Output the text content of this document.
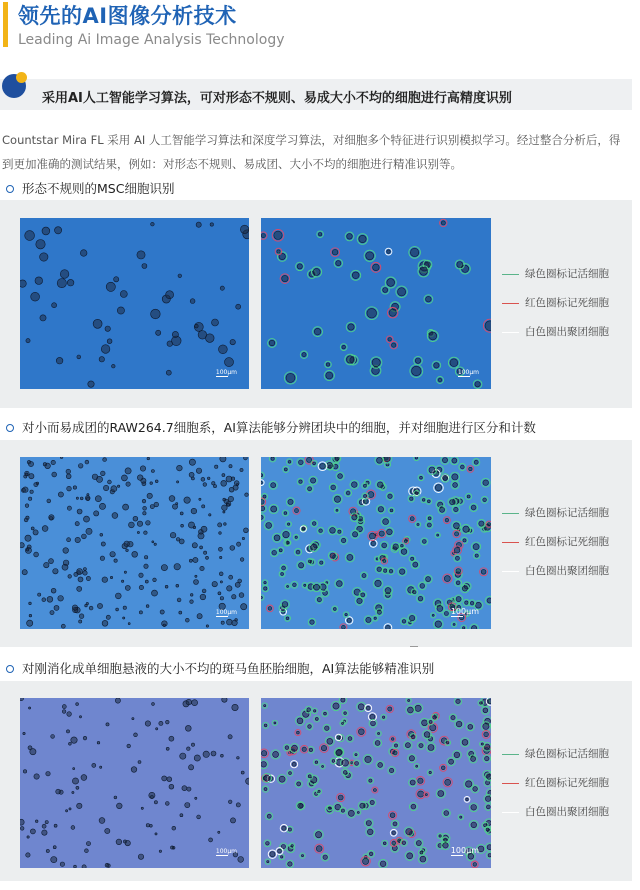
领先的AI图像分析技术
Leading Ai Image Analysis Technology
采用AI人工智能学习算法，可对形态不规则、易成大小不均的细胞进行高精度识别
Countstar Mira FL 采用 AI 人工智能学习算法和深度学习算法，对细胞多个特征进行识别模拟学习。经过整合分析后，得到更加准确的测试结果，例如：对形态不规则、易成团、大小不均的细胞进行精准识别等。
形态不规则的MSC细胞识别
100μm	100μm
绿色圈标记活细胞
红色圈标记死细胞
白色圈出聚团细胞
对小而易成团的RAW264.7细胞系，AI算法能够分辨团块中的细胞，并对细胞进行区分和计数
100μm	100μm
绿色圈标记活细胞
红色圈标记死细胞
白色圈出聚团细胞
对刚消化成单细胞悬液的大小不均的斑马鱼胚胎细胞，AI算法能够精准识别
100μm	100μm
绿色圈标记活细胞
红色圈标记死细胞
白色圈出聚团细胞
